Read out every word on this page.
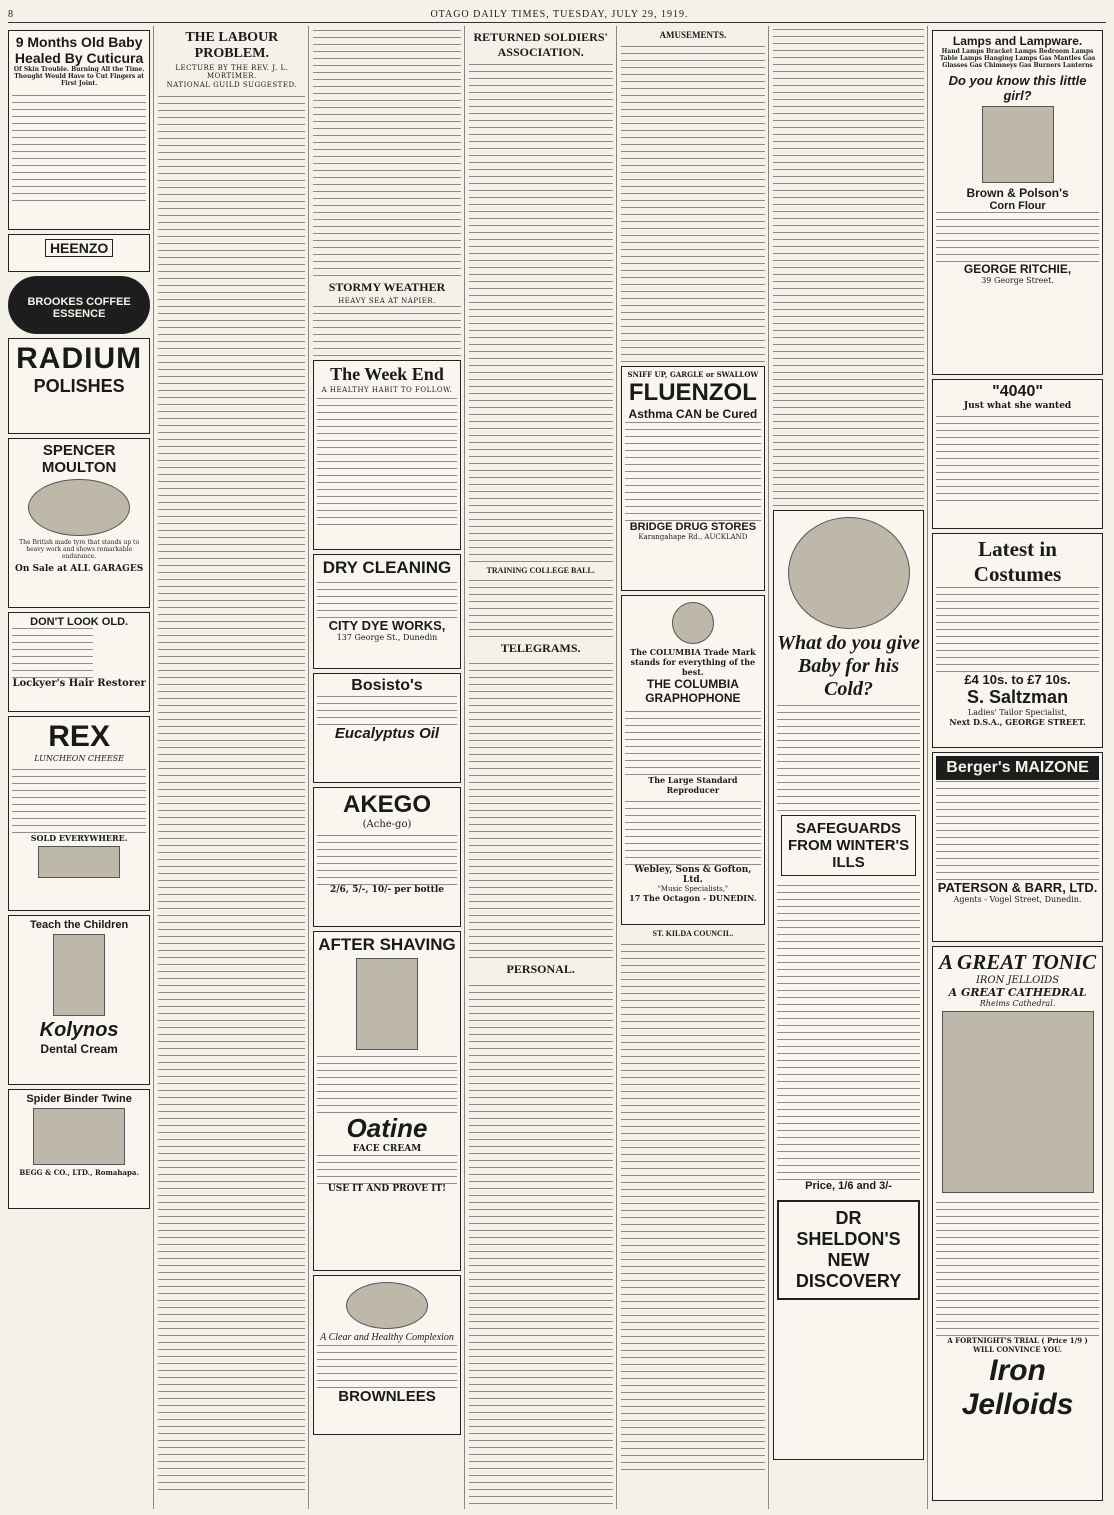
8	OTAGO DAILY TIMES, TUESDAY, JULY 29, 1919.
9 Months Old Baby
Healed By Cuticura
Of Skin Trouble. Burning All the Time. Thought Would Have to Cut Fingers at First Joint.
HEENZO
BROOKES COFFEE ESSENCE
RADIUM
POLISHES
SPENCER MOULTON
The British made tyre that stands up to heavy work and shows remarkable endurance.
On Sale at ALL GARAGES
DON'T LOOK OLD.
Lockyer's Hair Restorer
REX
LUNCHEON CHEESE
SOLD EVERYWHERE.
Teach the Children
Kolynos
Dental Cream
Spider Binder Twine
BEGG & CO., LTD., Romahapa.
THE LABOUR PROBLEM.
LECTURE BY THE REV. J. L. MORTIMER.
NATIONAL GUILD SUGGESTED.
STORMY WEATHER
HEAVY SEA AT NAPIER.
The Week End
A HEALTHY HABIT TO FOLLOW.
DRY CLEANING
CITY DYE WORKS,
137 George St., Dunedin
Bosisto's
Eucalyptus Oil
AKEGO
(Ache-go)
2/6, 5/-, 10/- per bottle
AFTER SHAVING
Oatine
FACE CREAM
USE IT AND PROVE IT!
A Clear and Healthy Complexion
BROWNLEES
RETURNED SOLDIERS' ASSOCIATION.
TRAINING COLLEGE BALL.
TELEGRAMS.
PERSONAL.
AMUSEMENTS.
SNIFF UP, GARGLE or SWALLOW
FLUENZOL
Asthma CAN be Cured
BRIDGE DRUG STORES
Karangahape Rd., AUCKLAND
The COLUMBIA Trade Mark stands for everything of the best.
THE COLUMBIA GRAPHOPHONE
The Large Standard Reproducer
Webley, Sons & Gofton, Ltd.
"Music Specialists,"
17 The Octagon - DUNEDIN.
ST. KILDA COUNCIL.
What do you give Baby for his Cold?
SAFEGUARDS FROM WINTER'S ILLS
Price, 1/6 and 3/-
DR SHELDON'S NEW DISCOVERY
Lamps and Lampware.
Hand Lamps Bracket Lamps Bedroom Lamps Table Lamps Hanging Lamps Gas Mantles Gas Glasses Gas Chimneys Gas Burners Lanterns
Do you know this little girl?
Brown & Polson's
Corn Flour
GEORGE RITCHIE,
39 George Street.
"4040"
Just what she wanted
Latest in Costumes
£4 10s. to £7 10s.
S. Saltzman
Ladies' Tailor Specialist,
Next D.S.A., GEORGE STREET.
Berger's MAIZONE
PATERSON & BARR, LTD.
Agents - Vogel Street, Dunedin.
A GREAT TONIC
IRON JELLOIDS
A GREAT CATHEDRAL
Rheims Cathedral.
A FORTNIGHT'S TRIAL ( Price 1/9 ) WILL CONVINCE YOU.
Iron Jelloids
